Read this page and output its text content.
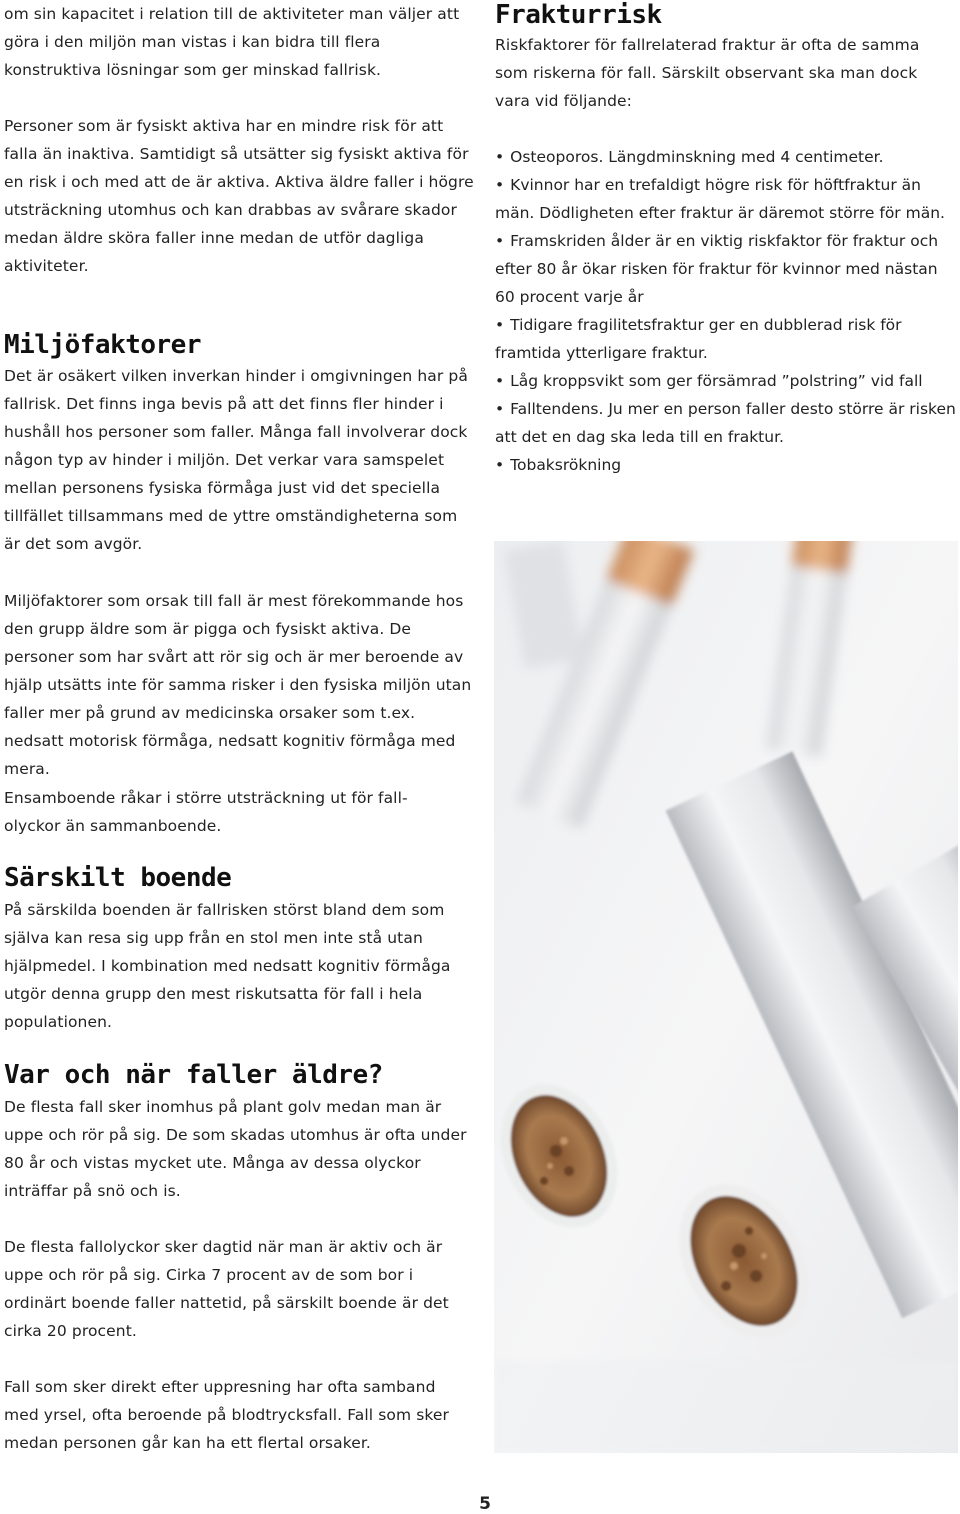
om sin kapacitet i relation till de aktiviteter man väljer att göra i den miljön man vistas i kan bidra till flera konstruktiva lösningar som ger minskad fallrisk.

Personer som är fysiskt aktiva har en mindre risk för att falla än inaktiva. Samtidigt så utsätter sig fysiskt aktiva för en risk i och med att de är aktiva. Aktiva äldre faller i högre utsträckning utomhus och kan drabbas av svårare skador medan äldre sköra faller inne medan de utför dagliga aktiviteter.

Miljöfaktorer

Det är osäkert vilken inverkan hinder i omgivningen har på fallrisk. Det finns inga bevis på att det finns fler hinder i hushåll hos personer som faller. Många fall involverar dock någon typ av hinder i miljön. Det verkar vara samspelet mellan personens fysiska förmåga just vid det speciella tillfället tillsammans med de yttre omständigheterna som är det som avgör.

Miljöfaktorer som orsak till fall är mest förekommande hos den grupp äldre som är pigga och fysiskt aktiva. De personer som har svårt att rör sig och är mer beroende av hjälp utsätts inte för samma risker i den fysiska miljön utan faller mer på grund av medicinska orsaker som t.ex. nedsatt motorisk förmåga, nedsatt kognitiv förmåga med mera.

Ensamboende råkar i större utsträckning ut för fall-olyckor än sammanboende.

Särskilt boende

På särskilda boenden är fallrisken störst bland dem som själva kan resa sig upp från en stol men inte stå utan hjälpmedel. I kombination med nedsatt kognitiv förmåga utgör denna grupp den mest riskutsatta för fall i hela populationen.

Var och när faller äldre?

De flesta fall sker inomhus på plant golv medan man är uppe och rör på sig. De som skadas utomhus är ofta under 80 år och vistas mycket ute. Många av dessa olyckor inträffar på snö och is.

De flesta fallolyckor sker dagtid när man är aktiv och är uppe och rör på sig. Cirka 7 procent av de som bor i ordinärt boende faller nattetid, på särskilt boende är det cirka 20 procent.

Fall som sker direkt efter uppresning har ofta samband med yrsel, ofta beroende på blodtrycksfall. Fall som sker medan personen går kan ha ett flertal orsaker.

Frakturrisk

Riskfaktorer för fallrelaterad fraktur är ofta de samma som riskerna för fall. Särskilt observant ska man dock vara vid följande:

• Osteoporos. Längdminskning med 4 centimeter.
• Kvinnor har en trefaldigt högre risk för höftfraktur än män. Dödligheten efter fraktur är däremot större för män.
• Framskriden ålder är en viktig riskfaktor för fraktur och efter 80 år ökar risken för fraktur för kvinnor med nästan 60 procent varje år
• Tidigare fragilitetsfraktur ger en dubblerad risk för framtida ytterligare fraktur.
• Låg kroppsvikt som ger försämrad ”polstring” vid fall
• Falltendens. Ju mer en person faller desto större är risken att det en dag ska leda till en fraktur.
• Tobaksrökning
5
